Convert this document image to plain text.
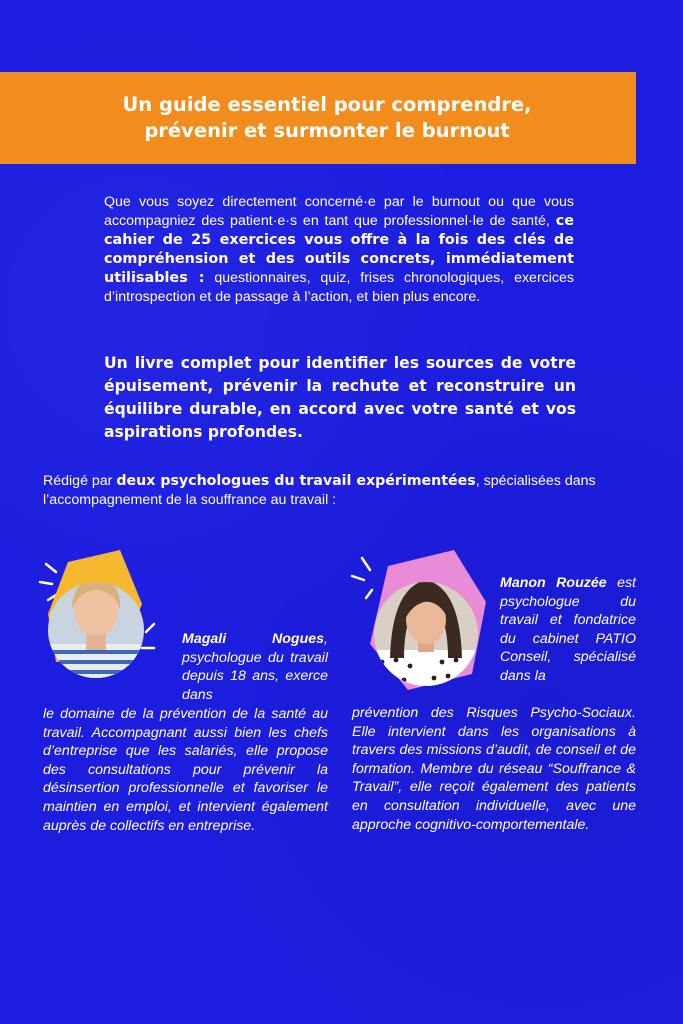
Un guide essentiel pour comprendre,
prévenir et surmonter le burnout

Que vous soyez directement concerné·e par le burnout ou que vous accompagniez des patient·e·s en tant que professionnel·le de santé, ce cahier de 25 exercices vous offre à la fois des clés de compréhension et des outils concrets, immédiatement utilisables : questionnaires, quiz, frises chronologiques, exercices d’introspection et de passage à l’action, et bien plus encore.

Un livre complet pour identifier les sources de votre épuisement, prévenir la rechute et reconstruire un équilibre durable, en accord avec votre santé et vos aspirations profondes.

Rédigé par deux psychologues du travail expérimentées, spécialisées dans l’accompagnement de la souffrance au travail :

Magali Nogues, psychologue du travail depuis 18 ans, exerce dans

le domaine de la prévention de la santé au travail. Accompagnant aussi bien les chefs d’entreprise que les salariés, elle propose des consultations pour prévenir la désinsertion professionnelle et favoriser le maintien en emploi, et intervient également auprès de collectifs en entreprise.

Manon Rouzée est psychologue du travail et fondatrice du cabinet PATIO Conseil, spécialisé dans la

prévention des Risques Psycho-Sociaux. Elle intervient dans les organisations à travers des missions d’audit, de conseil et de formation. Membre du réseau “Souffrance & Travail”, elle reçoit également des patients en consultation individuelle, avec une approche cognitivo-comportementale.
